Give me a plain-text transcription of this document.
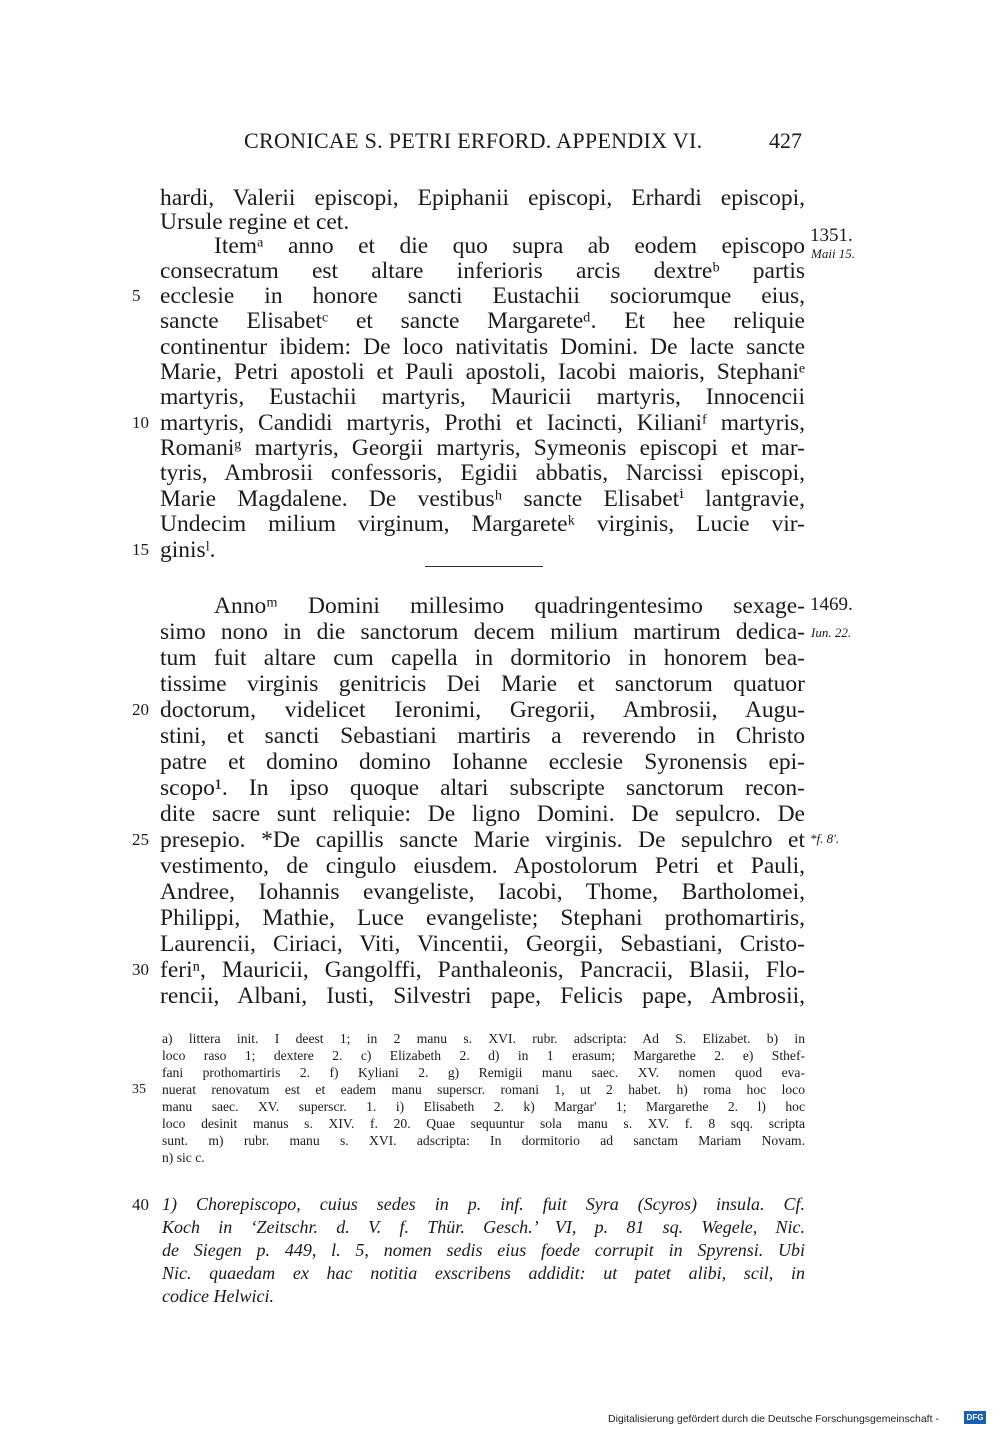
CRONICAE S. PETRI ERFORD. APPENDIX VI.	427
hardi, Valerii episcopi, Epiphanii episcopi, Erhardi episcopi,
Ursule regine et cet.
Itemᵃ anno et die quo supra ab eodem episcopo
consecratum est altare inferioris arcis dextreᵇ partis
5 ecclesie in honore sancti Eustachii sociorumque eius,
sancte Elisabetᶜ et sancte Margareteᵈ. Et hee reliquie
continentur ibidem: De loco nativitatis Domini. De lacte sancte
Marie, Petri apostoli et Pauli apostoli, Iacobi maioris, Stephaniᵉ
martyris, Eustachii martyris, Mauricii martyris, Innocencii
10 martyris, Candidi martyris, Prothi et Iacincti, Kilianiᶠ martyris,
Romaniᵍ martyris, Georgii martyris, Symeonis episcopi et mar-
tyris, Ambrosii confessoris, Egidii abbatis, Narcissi episcopi,
Marie Magdalene. De vestibusʰ sancte Elisabetⁱ lantgravie,
Undecim milium virginum, Margareteᵏ virginis, Lucie vir-
15 ginisˡ.
Annoᵐ Domini millesimo quadringentesimo sexage-
simo nono in die sanctorum decem milium martirum dedica-
tum fuit altare cum capella in dormitorio in honorem bea-
tissime virginis genitricis Dei Marie et sanctorum quatuor
20 doctorum, videlicet Ieronimi, Gregorii, Ambrosii, Augu-
stini, et sancti Sebastiani martiris a reverendo in Christo
patre et domino domino Iohanne ecclesie Syronensis epi-
scopo¹. In ipso quoque altari subscripte sanctorum recon-
dite sacre sunt reliquie: De ligno Domini. De sepulcro. De
25 presepio. *De capillis sancte Marie virginis. De sepulchro et
vestimento, de cingulo eiusdem. Apostolorum Petri et Pauli,
Andree, Iohannis evangeliste, Iacobi, Thome, Bartholomei,
Philippi, Mathie, Luce evangeliste; Stephani prothomartiris,
Laurencii, Ciriaci, Viti, Vincentii, Georgii, Sebastiani, Cristo-
30 feriⁿ, Mauricii, Gangolffi, Panthaleonis, Pancracii, Blasii, Flo-
rencii, Albani, Iusti, Silvestri pape, Felicis pape, Ambrosii,
1351.
Maii 15.
1469.
Iun. 22.
*f. 8'.
a) littera init. I deest 1; in 2 manu s. XVI. rubr. adscripta: Ad S. Elizabet. b) in
loco raso 1; dextere 2. c) Elizabeth 2. d) in 1 erasum; Margarethe 2. e) Sthef-
fani prothomartiris 2. f) Kyliani 2. g) Remigii manu saec. XV. nomen quod eva-
35	nuerat renovatum est et eadem manu superscr. romani 1, ut 2 habet. h) roma hoc loco
manu saec. XV. superscr. 1. i) Elisabeth 2. k) Margar' 1; Margarethe 2. l) hoc
loco desinit manus s. XIV. f. 20. Quae sequuntur sola manu s. XV. f. 8 sqq. scripta
sunt. m) rubr. manu s. XVI. adscripta: In dormitorio ad sanctam Mariam Novam.
n) sic c.
40 1) Chorepiscopo, cuius sedes in p. inf. fuit Syra (Scyros) insula. Cf.
Koch in ‘Zeitschr. d. V. f. Thür. Gesch.’ VI, p. 81 sq. Wegele, Nic.
de Siegen p. 449, l. 5, nomen sedis eius foede corrupit in Spyrensi. Ubi
Nic. quaedam ex hac notitia exscribens addidit: ut patet alibi, scil, in
codice Helwici.
Digitalisierung gefördert durch die Deutsche Forschungsgemeinschaft -	DFG
